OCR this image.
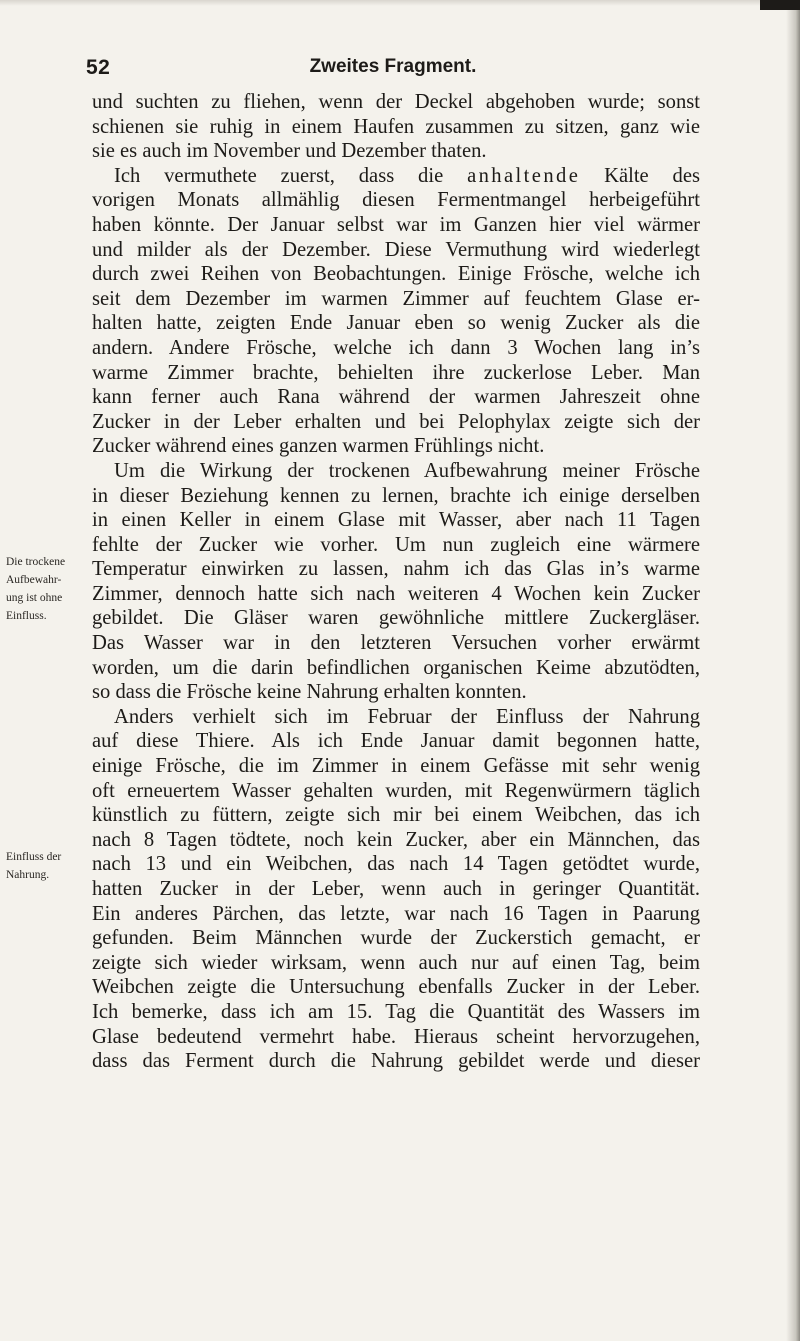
52	Zweites Fragment.
Die trockene
Aufbewahr-
ung ist ohne
Einfluss.
Einfluss der
Nahrung.
und suchten zu fliehen, wenn der Deckel abgehoben wurde; sonst
schienen sie ruhig in einem Haufen zusammen zu sitzen, ganz wie
sie es auch im November und Dezember thaten.
Ich vermuthete zuerst, dass die anhaltende Kälte des
vorigen Monats allmählig diesen Fermentmangel herbeigeführt
haben könnte. Der Januar selbst war im Ganzen hier viel wärmer
und milder als der Dezember. Diese Vermuthung wird wiederlegt
durch zwei Reihen von Beobachtungen. Einige Frösche, welche ich
seit dem Dezember im warmen Zimmer auf feuchtem Glase er-
halten hatte, zeigten Ende Januar eben so wenig Zucker als die
andern. Andere Frösche, welche ich dann 3 Wochen lang in’s
warme Zimmer brachte, behielten ihre zuckerlose Leber. Man
kann ferner auch Rana während der warmen Jahreszeit ohne
Zucker in der Leber erhalten und bei Pelophylax zeigte sich der
Zucker während eines ganzen warmen Frühlings nicht.
Um die Wirkung der trockenen Aufbewahrung meiner Frösche
in dieser Beziehung kennen zu lernen, brachte ich einige derselben
in einen Keller in einem Glase mit Wasser, aber nach 11 Tagen
fehlte der Zucker wie vorher. Um nun zugleich eine wärmere
Temperatur einwirken zu lassen, nahm ich das Glas in’s warme
Zimmer, dennoch hatte sich nach weiteren 4 Wochen kein Zucker
gebildet. Die Gläser waren gewöhnliche mittlere Zuckergläser.
Das Wasser war in den letzteren Versuchen vorher erwärmt
worden, um die darin befindlichen organischen Keime abzutödten,
so dass die Frösche keine Nahrung erhalten konnten.
Anders verhielt sich im Februar der Einfluss der Nahrung
auf diese Thiere. Als ich Ende Januar damit begonnen hatte,
einige Frösche, die im Zimmer in einem Gefässe mit sehr wenig
oft erneuertem Wasser gehalten wurden, mit Regenwürmern täglich
künstlich zu füttern, zeigte sich mir bei einem Weibchen, das ich
nach 8 Tagen tödtete, noch kein Zucker, aber ein Männchen, das
nach 13 und ein Weibchen, das nach 14 Tagen getödtet wurde,
hatten Zucker in der Leber, wenn auch in geringer Quantität.
Ein anderes Pärchen, das letzte, war nach 16 Tagen in Paarung
gefunden. Beim Männchen wurde der Zuckerstich gemacht, er
zeigte sich wieder wirksam, wenn auch nur auf einen Tag, beim
Weibchen zeigte die Untersuchung ebenfalls Zucker in der Leber.
Ich bemerke, dass ich am 15. Tag die Quantität des Wassers im
Glase bedeutend vermehrt habe. Hieraus scheint hervorzugehen,
dass das Ferment durch die Nahrung gebildet werde und dieser
